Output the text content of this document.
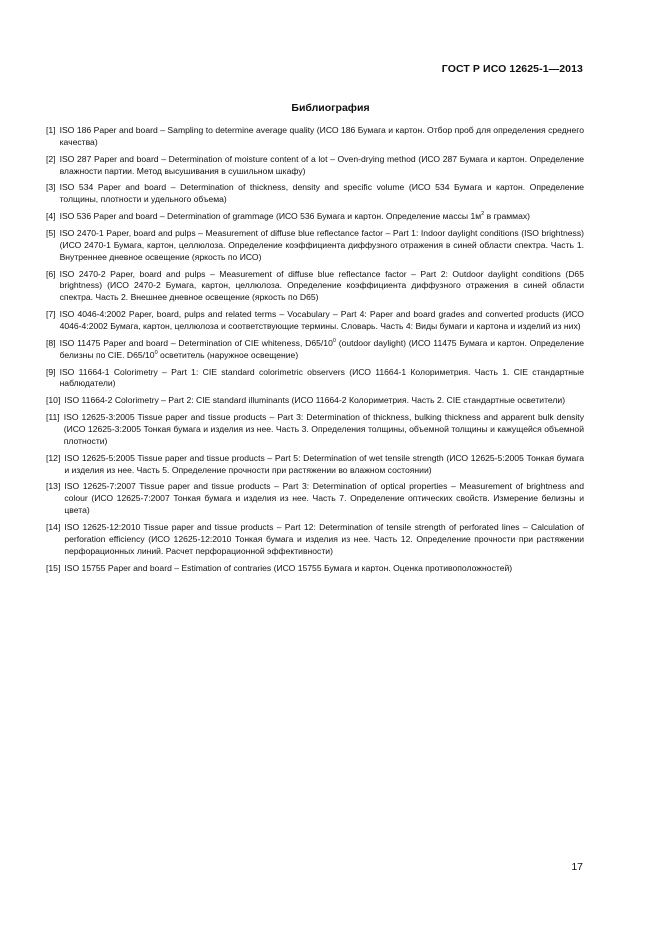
ГОСТ Р ИСО 12625-1—2013
Библиография
[1] ISO 186 Paper and board – Sampling to determine average quality (ИСО 186 Бумага и картон. Отбор проб для определения среднего качества)
[2] ISO 287 Paper and board – Determination of moisture content of a lot – Oven-drying method (ИСО 287 Бумага и картон. Определение влажности партии. Метод высушивания в сушильном шкафу)
[3] ISO 534 Paper and board – Determination of thickness, density and specific volume (ИСО 534 Бумага и картон. Определение толщины, плотности и удельного объема)
[4] ISO 536 Paper and board – Determination of grammage (ИСО 536 Бумага и картон. Определение массы $1м^2$ в граммах)
[5] ISO 2470-1 Paper, board and pulps – Measurement of diffuse blue reflectance factor – Part 1: Indoor daylight conditions (ISO brightness) (ИСО 2470-1 Бумага, картон, целлюлоза. Определение коэффициента диффузного отражения в синей области спектра. Часть 1. Внутреннее дневное освещение (яркость по ИСО)
[6] ISO 2470-2 Paper, board and pulps – Measurement of diffuse blue reflectance factor – Part 2: Outdoor daylight conditions (D65 brightness) (ИСО 2470-2 Бумага, картон, целлюлоза. Определение коэффициента диффузного отражения в синей области спектра. Часть 2. Внешнее дневное освещение (яркость по D65)
[7] ISO 4046-4:2002 Paper, board, pulps and related terms – Vocabulary – Part 4: Paper and board grades and converted products (ИСО 4046-4:2002 Бумага, картон, целлюлоза и соответствующие термины. Словарь. Часть 4: Виды бумаги и картона и изделий из них)
[8] ISO 11475 Paper and board – Determination of CIE whiteness, $D65/10^0$ (outdoor daylight) (ИСО 11475 Бумага и картон. Определение белизны по CIE. $D65/10^0$ осветитель (наружное освещение)
[9] ISO 11664-1 Colorimetry – Part 1: CIE standard colorimetric observers (ИСО 11664-1 Колориметрия. Часть 1. CIE стандартные наблюдатели)
[10] ISO 11664-2 Colorimetry – Part 2: CIE standard illuminants (ИСО 11664-2 Колориметрия. Часть 2. CIE стандартные осветители)
[11] ISO 12625-3:2005 Tissue paper and tissue products – Part 3: Determination of thickness, bulking thickness and apparent bulk density (ИСО 12625-3:2005 Тонкая бумага и изделия из нее. Часть 3. Определения толщины, объемной толщины и кажущейся объемной плотности)
[12] ISO 12625-5:2005 Tissue paper and tissue products – Part 5: Determination of wet tensile strength (ИСО 12625-5:2005 Тонкая бумага и изделия из нее. Часть 5. Определение прочности при растяжении во влажном состоянии)
[13] ISO 12625-7:2007 Tissue paper and tissue products – Part 3: Determination of optical properties – Measurement of brightness and colour (ИСО 12625-7:2007 Тонкая бумага и изделия из нее. Часть 7. Определение оптических свойств. Измерение белизны и цвета)
[14] ISO 12625-12:2010 Tissue paper and tissue products – Part 12: Determination of tensile strength of perforated lines – Calculation of perforation efficiency (ИСО 12625-12:2010 Тонкая бумага и изделия из нее. Часть 12. Определение прочности при растяжении перфорационных линий. Расчет перфорационной эффективности)
[15] ISO 15755 Paper and board – Estimation of contraries (ИСО 15755 Бумага и картон. Оценка противоположностей)
17
